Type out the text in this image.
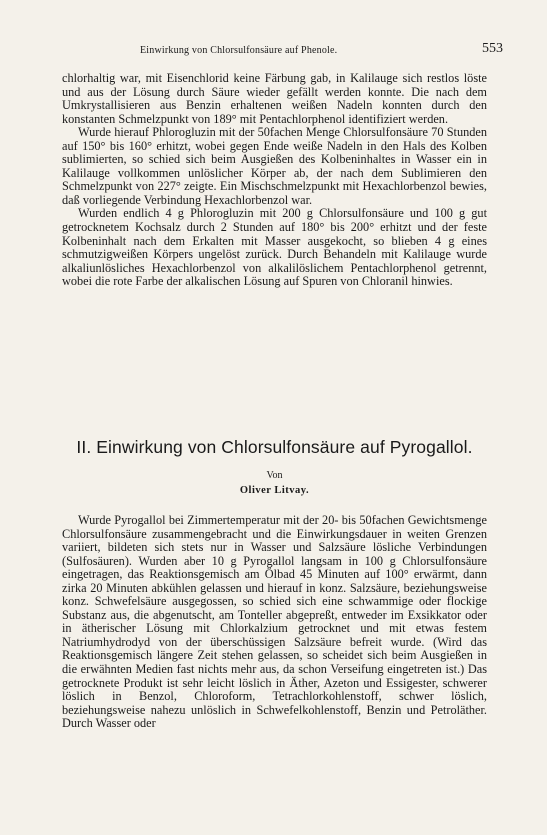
Einwirkung von Chlorsulfonsäure auf Phenole.	553

chlorhaltig war, mit Eisenchlorid keine Färbung gab, in Kalilauge sich restlos löste und aus der Lösung durch Säure wieder gefällt werden konnte. Die nach dem Umkrystallisieren aus Benzin erhaltenen weißen Nadeln konnten durch den konstanten Schmelzpunkt von 189° mit Pentachlorphenol identifiziert werden.

Wurde hierauf Phlorogluzin mit der 50fachen Menge Chlorsulfonsäure 70 Stunden auf 150° bis 160° erhitzt, wobei gegen Ende weiße Nadeln in den Hals des Kolben sublimierten, so schied sich beim Ausgießen des Kolbeninhaltes in Wasser ein in Kalilauge vollkommen unlöslicher Körper ab, der nach dem Sublimieren den Schmelzpunkt von 227° zeigte. Ein Mischschmelzpunkt mit Hexachlorbenzol bewies, daß vorliegende Verbindung Hexachlorbenzol war.

Wurden endlich 4 g Phlorogluzin mit 200 g Chlorsulfonsäure und 100 g gut getrocknetem Kochsalz durch 2 Stunden auf 180° bis 200° erhitzt und der feste Kolbeninhalt nach dem Erkalten mit Masser ausgekocht, so blieben 4 g eines schmutzigweißen Körpers ungelöst zurück. Durch Behandeln mit Kalilauge wurde alkaliunlösliches Hexachlorbenzol von alkalilöslichem Pentachlorphenol getrennt, wobei die rote Farbe der alkalischen Lösung auf Spuren von Chloranil hinwies.

II. Einwirkung von Chlorsulfonsäure auf Pyrogallol.
Von
Oliver Litvay.

Wurde Pyrogallol bei Zimmertemperatur mit der 20- bis 50fachen Gewichtsmenge Chlorsulfonsäure zusammengebracht und die Einwirkungsdauer in weiten Grenzen variiert, bildeten sich stets nur in Wasser und Salzsäure lösliche Verbindungen (Sulfosäuren). Wurden aber 10 g Pyrogallol langsam in 100 g Chlorsulfonsäure eingetragen, das Reaktionsgemisch am Ölbad 45 Minuten auf 100° erwärmt, dann zirka 20 Minuten abkühlen gelassen und hierauf in konz. Salzsäure, beziehungsweise konz. Schwefelsäure ausgegossen, so schied sich eine schwammige oder flockige Substanz aus, die abgenutscht, am Tonteller abgepreßt, entweder im Exsikkator oder in ätherischer Lösung mit Chlorkalzium getrocknet und mit etwas festem Natriumhydrodyd von der überschüssigen Salzsäure befreit wurde. (Wird das Reaktionsgemisch längere Zeit stehen gelassen, so scheidet sich beim Ausgießen in die erwähnten Medien fast nichts mehr aus, da schon Verseifung eingetreten ist.) Das getrocknete Produkt ist sehr leicht löslich in Äther, Azeton und Essigester, schwerer löslich in Benzol, Chloroform, Tetrachlorkohlenstoff, schwer löslich, beziehungsweise nahezu unlöslich in Schwefelkohlenstoff, Benzin und Petroläther. Durch Wasser oder
